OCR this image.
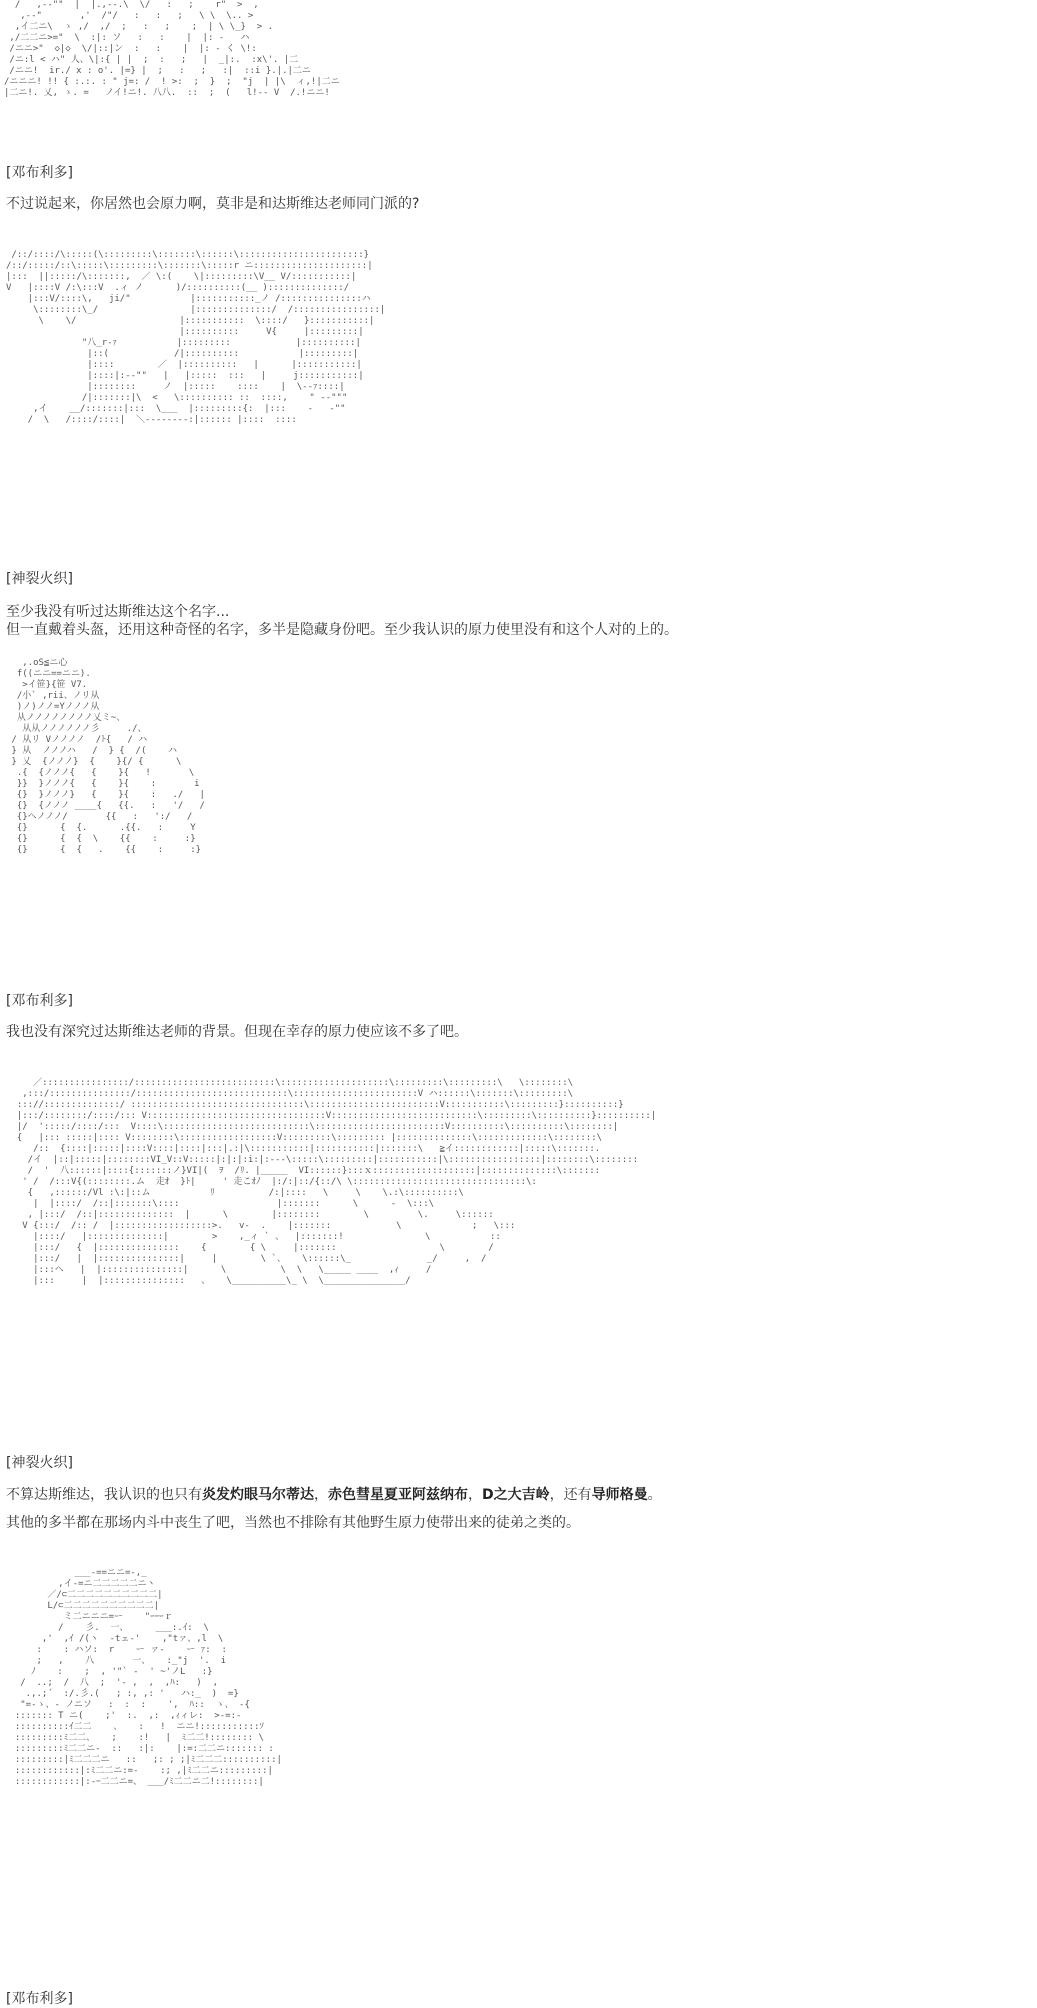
/   ,--""  |  |.,--.\  \/   :   ;    r"  >  ,
,--"       ,'  /"/   :   :   ;   \ \  \.. >
,イ二ニ\  ゝ ,/  ,/  ;   :   ;    ;  | \ \_}  > .
,/二二ニ>="  \  :|: ソ   :   :    |  |: -   ハ
/ニニ>"  ◇|◇  \/|::|ン  :   :    |  |: - く \!:
/ニ:l < ハ" 人、\|:{ | |  ;  :   ;   |  _|:.  :x\'. |二
/ニニ!  ir./ x : o'. |=} |  ;   :   ;   :|  ::i }.|.|二ニ
/ニニニ! !! { :.:. : " j=: /  ! >:  ;  }  ;  "j  | |\  ィ,!|二ニ
|二ニ!. 乂, ゝ. =   ノイ!ニ!. 八八.  ::  ;  (   l!-- V  /.!ニニ!
[邓布利多]
不过说起来，你居然也会原力啊，莫非是和达斯维达老师同门派的?
/::/::::/\:::::(\:::::::::\:::::::\::::::\:::::::::::::::::::::::}
/::/:::::/::\:::::\:::::::::\:::::::\:::::r ニ:::::::::::::::::::::|
|:::  ||:::::/\:::::::,  ／ \:(    \|:::::::::\V__ V/:::::::::::|
V   |::::V /:\:::V  .ィ ノ      )/::::::::::(__ )::::::::::::::/
|:::V/::::\,   ji/"           |:::::::::::_ノ /:::::::::::::::ハ
\::::::::\_/                 |::::::::::::::/  /::::::::::::::::|
\    \/                   |:::::::::::  \::::/   }:::::::::::|
|::::::::::     V{     |:::::::::|
"八_r-ｧ           |:::::::::            |::::::::::|
|::(            /|::::::::::           |:::::::::|
|::::        ／  |::::::::::   |      |:::::::::::|
|::::|:--""   |   |:::::  :::   |     j:::::::::::|
|::::::::     ノ  |:::::    ::::    |  \--ｧ::::|
/|:::::::|\  <   \:::::::::: ::  ::::,    " --"""
,イ    __/:::::::|:::  \___  |:::::::::{:  |:::    -   -""
/  \   /::::/::::|  ＼--------:|:::::: |::::  ::::
[神裂火织]
至少我没有听过达斯维达这个名字...
但一直戴着头盔，还用这种奇怪的名字，多半是隐藏身份吧。至少我认识的原力使里没有和这个人对的上的。
,.oS≦ニ心
f((ニニ==ニニ).
>イ笹}{笹 V7.
/小` ,rii、ノリ从
)ノ)ノノ=Yノノノ从
从ノノノノノノノノ乂ミ~、
从从ノノノノノノ彡     ./、
/ 从リ Vノノノノ  /ﾄ{   / ハ
} 从  ノノノハ   /  } {  /(    ハ
} 乂  {ノノノ}  {    }{/ {      \
.{  {ノノノ{   {    }{   !       \
}}  }ノノノ{   {    }{    :       i
{}  }ノノノ}   {    }{    :   ./   |
{}  {ノノノ ____{   {{.   :   '/   /
{}ヘノノノ/       {{   :   ':/   /
{}      {  {.      .{{.   :     Y
{}      {  {  \    {{    :     :}
{}      {  {   .    {{    :     :}
[邓布利多]
我也没有深究过达斯维达老师的背景。但现在幸存的原力使应该不多了吧。
／::::::::::::::::/::::::::::::::::::::::::::\::::::::::::::::::::\:::::::::\:::::::::\   \::::::::\
,:::/:::::::::::::::/::::::::::::::::::::::::::::\:::::::::::::::::::::::V ハ::::::\:::::::\:::::::::\
::://::::::::::::::/ ::::::::::::::::::::::::::::::::\::::::::::::::::::::::::V:::::::::::\:::::::::}::::::::::}
|:::/::::::::/::::/::: V:::::::::::::::::::::::::::::::::V:::::::::::::::::::::::::::\:::::::::\::::::::::}::::::::::|
|/  ':::::/::::/:::  V::::\:::::::::::::::::::::::::::\::::::::::::::::::::::::V::::::::::\::::::::::\::::::::|
{   |::: :::::|:::: V::::::::\::::::::::::::::::V:::::::::\::::::::: |::::::::::::::\:::::::::::::\::::::::\
/::  {::::|:::::|::::V::::|::::|:::|.:|\:::::::::::|:::::::::::|:::::::\   ≧イ::::::::::::|:::::\:::::::.
/イ  |::|:::::|::::::::VI_V::V:::::|:|:|:i:|:---\:::::\:::::::::|:::::::::::|\:::::::::::::::::|::::::::\::::::::
/  '  八::::::|::::{:::::::ノ}VI|(  ｦ  /ﾘ. |_____  VI::::::}:::ｘ:::::::::::::::::::|::::::::::::::\:::::::
' /  /:::V{(::::::::.ム  走ｵ  }ﾄ|     ' 走こｵﾉ  |:/:|::/{::/\ \::::::::::::::::::::::::::::::::\:
{   ,::::::/Vl :\:|::ム           ﾘ          /:|::::   \     \    \.:\::::::::::\
|  |::::/  /::|:::::::\::::                  |:::::::      \      ‐  \:::\
, |:::/  /::|::::::::::::::  |      \        |::::::::        \         \.     \::::::
V {:::/  /:: /  |::::::::::::::::::>.   v-  .    |:::::::            \             ;   \:::
|::::/   |::::::::::::::|        >    ,_ィ ` 、  |:::::::!               \           ::
|:::/   {  |:::::::::::::::    {        { \     |:::::::                   \        /
|:::/   |  |:::::::::::::::|     |        \ `、   \::::::\_              _/     ,  /
|:::ヘ   |  |:::::::::::::::|      \          \  \   \_____ ____  ,ｨ     /
|:::     |  |:::::::::::::::   、   \__________\_ \  \_______________/
[神裂火织]
不算达斯维达，我认识的也只有炎发灼眼马尔蒂达，赤色彗星夏亚阿兹纳布，D之大吉岭，还有导师格曼。
其他的多半都在那场内斗中丧生了吧，当然也不排除有其他野生原力使带出来的徒弟之类的。
___-==ニニ=-,_
,イ-=ニ二二二二二ニヽ
／/⊂二二二二二二二二二二|
L/⊂二二二二二二二二二二|
ミ二ニニニ=ー    "ｰｰｰｒ
/    彡.  一、     ___:.ｲ:  \
,'  ,ｲ /(ヽ  -tェ-'    ,"tァ、,l  \
:    : ハソ:  r    ー ァ-    ー ｧ:  :
;   ,    八       一、   :_"j  '.  i
ﾉ    :    ;  , '"` -  ' ~'ノL   :}
/  ..;  /  八  ;  '- ,  ,  ,ﾊ:   )  ,
.,.;´  :/.彡.(   ; :, ,: '   ハ:_  )  =}
"=-ゝ、- ノニソ   :  :  :    ',  ﾊ::  ゝ、 -{
::::::: T ニ(    ;'  :.  ,:  ,ｨィレ:  >-=:-
::::::::::ｲ二二    、   :   !  ニニ!:::::::::::ｿ
:::::::::ﾐ二二、   ;    :!   |  ﾐ二二!:::::::: \
:::::::::ﾐ二二ニ-  ::   :|:    |:=:二二ニ::::::: :
:::::::::|ﾐ二二二ニ   ::   ;: ; ;|ﾐ二二二::::::::::|
::::::::::::|:ﾐ二二ニ:=-    :; ,|ﾐ二二ニ:::::::::|
::::::::::::|:-ｰ二二ニ=、 ___/ﾐ二二ニ二!::::::::|
[邓布利多]
